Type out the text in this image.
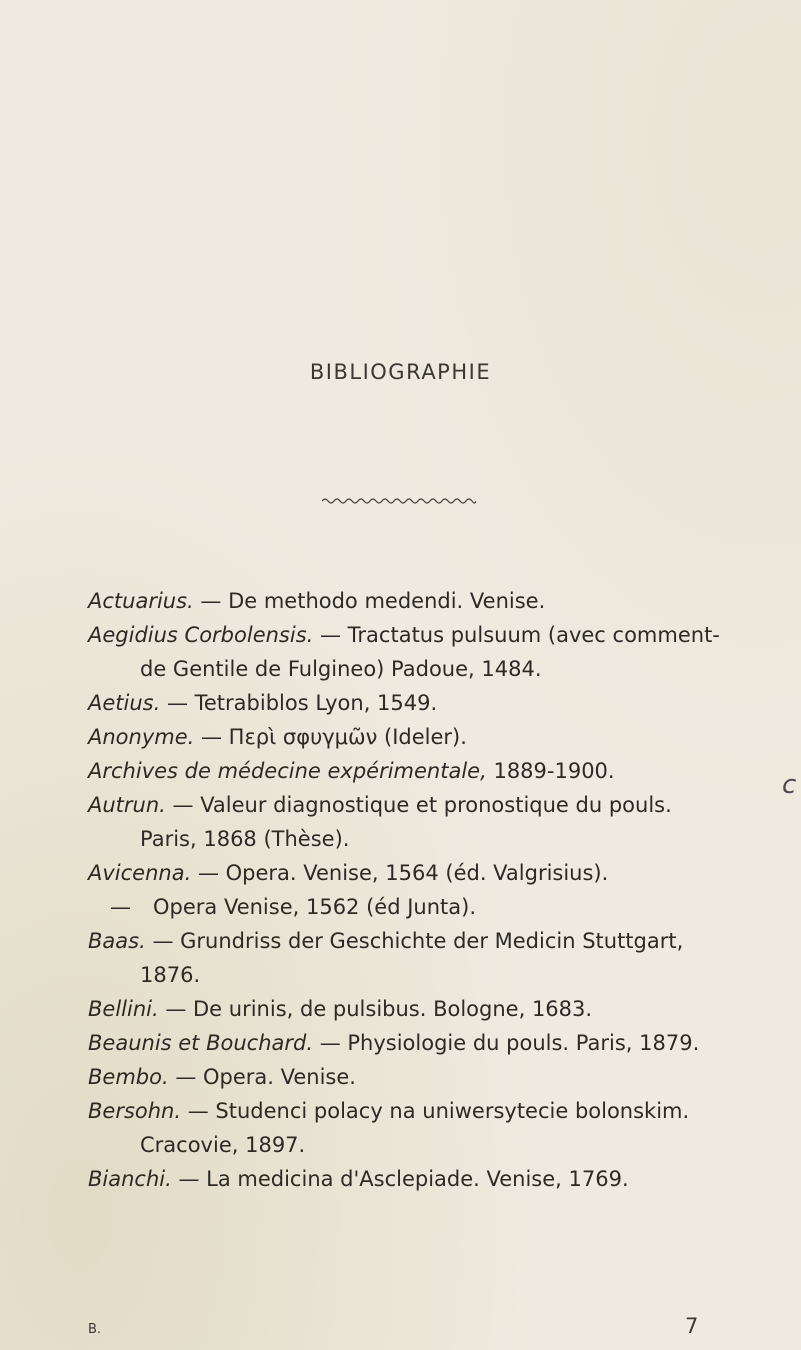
BIBLIOGRAPHIE
Actuarius. — De methodo medendi. Venise.
Aegidius Corbolensis. — Tractatus pulsuum (avec comment-
de Gentile de Fulgineo) Padoue, 1484.
Aetius. — Tetrabiblos Lyon, 1549.
Anonyme. — Περὶ σφυγμῶν (Ideler).
Archives de médecine expérimentale, 1889-1900.
Autrun. — Valeur diagnostique et pronostique du pouls.
Paris, 1868 (Thèse).
Avicenna. — Opera. Venise, 1564 (éd. Valgrisius).
— Opera Venise, 1562 (éd Junta).
Baas. — Grundriss der Geschichte der Medicin Stuttgart,
1876.
Bellini. — De urinis, de pulsibus. Bologne, 1683.
Beaunis et Bouchard. — Physiologie du pouls. Paris, 1879.
Bembo. — Opera. Venise.
Bersohn. — Studenci polacy na uniwersytecie bolonskim.
Cracovie, 1897.
Bianchi. — La medicina d'Asclepiade. Venise, 1769.
c
B.	7
